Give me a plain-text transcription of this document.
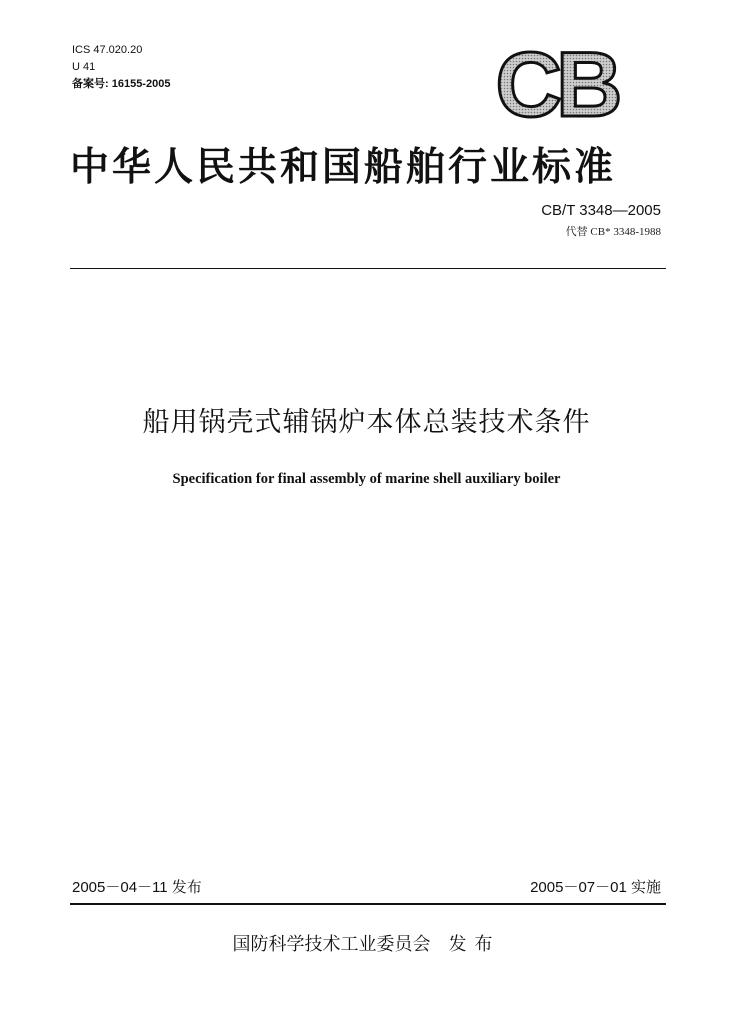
ICS 47.020.20
U 41
备案号: 16155-2005	CB
中华人民共和国船舶行业标准
CB/T 3348—2005
代替 CB* 3348-1988
船用锅壳式辅锅炉本体总装技术条件
Specification for final assembly of marine shell auxiliary boiler
2005－04－11 发布	2005－07－01 实施
国防科学技术工业委员会 发布
